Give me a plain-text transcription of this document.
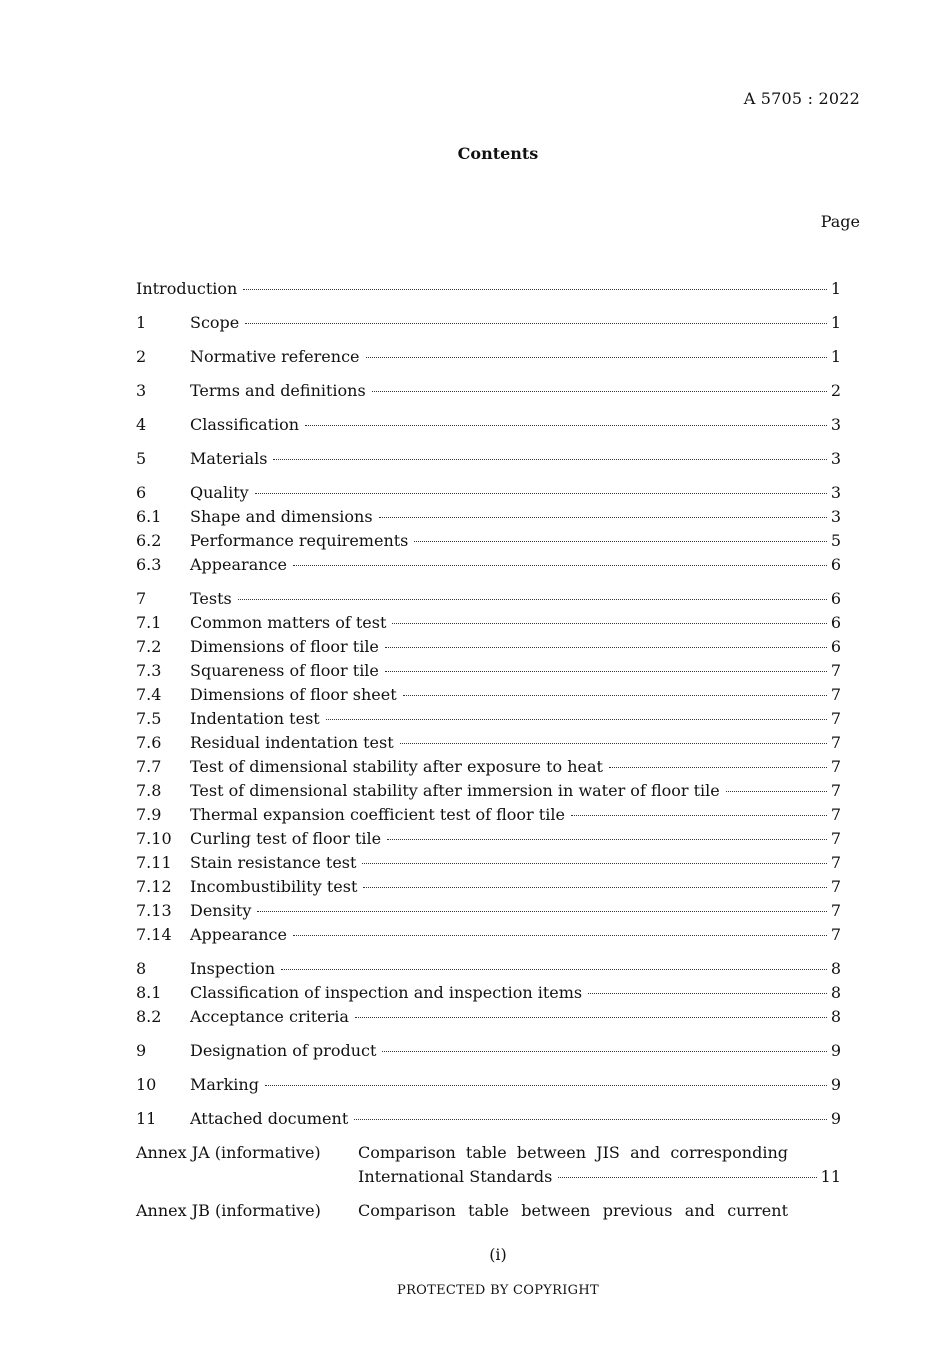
A 5705 : 2022
Contents
Page
Introduction	1
1	Scope	1
2	Normative reference	1
3	Terms and definitions	2
4	Classification	3
5	Materials	3
6	Quality	3
6.1	Shape and dimensions	3
6.2	Performance requirements	5
6.3	Appearance	6
7	Tests	6
7.1	Common matters of test	6
7.2	Dimensions of floor tile	6
7.3	Squareness of floor tile	7
7.4	Dimensions of floor sheet	7
7.5	Indentation test	7
7.6	Residual indentation test	7
7.7	Test of dimensional stability after exposure to heat	7
7.8	Test of dimensional stability after immersion in water of floor tile	7
7.9	Thermal expansion coefficient test of floor tile	7
7.10	Curling test of floor tile	7
7.11	Stain resistance test	7
7.12	Incombustibility test	7
7.13	Density	7
7.14	Appearance	7
8	Inspection	8
8.1	Classification of inspection and inspection items	8
8.2	Acceptance criteria	8
9	Designation of product	9
10	Marking	9
11	Attached document	9
Annex JA (informative)	Comparison table between JIS and corresponding
International Standards	11
Annex JB (informative)	Comparison table between previous and current
(i)
PROTECTED BY COPYRIGHT
